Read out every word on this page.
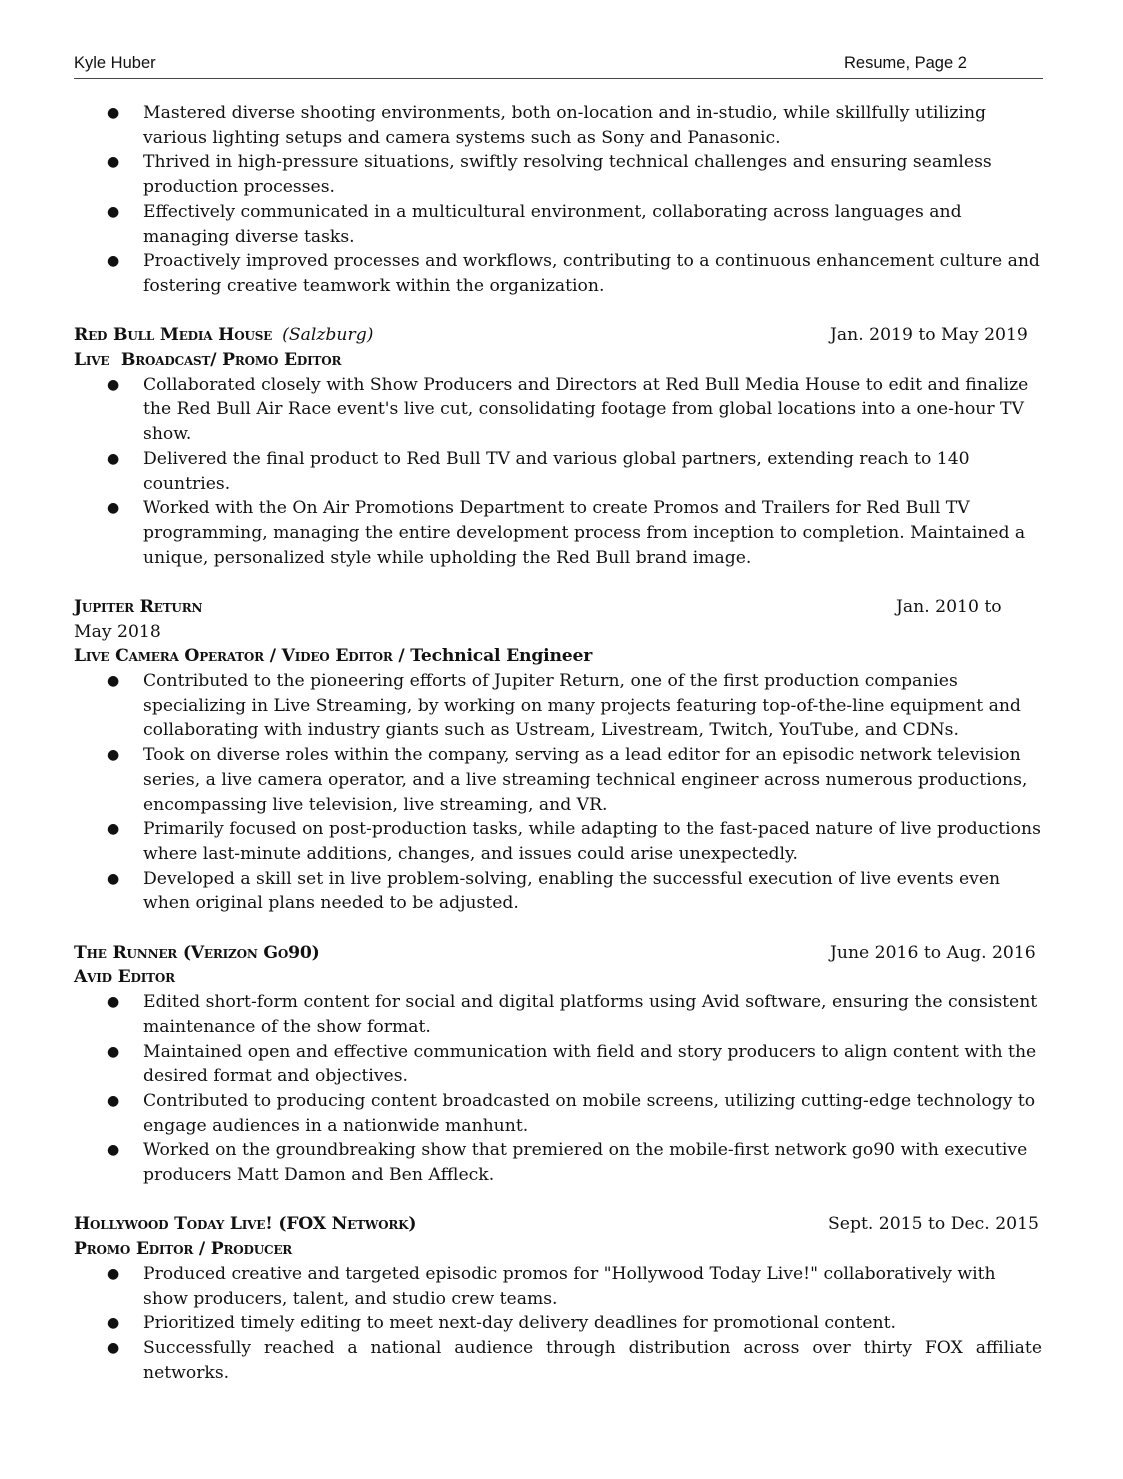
Kyle Huber	Resume, Page 2
● Mastered diverse shooting environments, both on-location and in-studio, while skillfully utilizing various lighting setups and camera systems such as Sony and Panasonic.
● Thrived in high-pressure situations, swiftly resolving technical challenges and ensuring seamless production processes.
● Effectively communicated in a multicultural environment, collaborating across languages and managing diverse tasks.
● Proactively improved processes and workflows, contributing to a continuous enhancement culture and fostering creative teamwork within the organization.
Red Bull Media House (Salzburg)	Jan. 2019 to May 2019
Live  Broadcast/ Promo Editor
● Collaborated closely with Show Producers and Directors at Red Bull Media House to edit and finalize the Red Bull Air Race event's live cut, consolidating footage from global locations into a one-hour TV show.
● Delivered the final product to Red Bull TV and various global partners, extending reach to 140 countries.
● Worked with the On Air Promotions Department to create Promos and Trailers for Red Bull TV programming, managing the entire development process from inception to completion. Maintained a unique, personalized style while upholding the Red Bull brand image.
Jupiter Return	Jan. 2010 to
May 2018
Live Camera Operator / Video Editor / Technical Engineer
● Contributed to the pioneering efforts of Jupiter Return, one of the first production companies specializing in Live Streaming, by working on many projects featuring top-of-the-line equipment and collaborating with industry giants such as Ustream, Livestream, Twitch, YouTube, and CDNs.
● Took on diverse roles within the company, serving as a lead editor for an episodic network television series, a live camera operator, and a live streaming technical engineer across numerous productions, encompassing live television, live streaming, and VR.
● Primarily focused on post-production tasks, while adapting to the fast-paced nature of live productions where last-minute additions, changes, and issues could arise unexpectedly.
● Developed a skill set in live problem-solving, enabling the successful execution of live events even when original plans needed to be adjusted.
The Runner (Verizon Go90)	June 2016 to Aug. 2016
Avid Editor
● Edited short-form content for social and digital platforms using Avid software, ensuring the consistent maintenance of the show format.
● Maintained open and effective communication with field and story producers to align content with the desired format and objectives.
● Contributed to producing content broadcasted on mobile screens, utilizing cutting-edge technology to engage audiences in a nationwide manhunt.
● Worked on the groundbreaking show that premiered on the mobile-first network go90 with executive producers Matt Damon and Ben Affleck.
Hollywood Today Live! (FOX Network)	Sept. 2015 to Dec. 2015
Promo Editor / Producer
● Produced creative and targeted episodic promos for "Hollywood Today Live!" collaboratively with show producers, talent, and studio crew teams.
● Prioritized timely editing to meet next-day delivery deadlines for promotional content.
● Successfully reached a national audience through distribution across over thirty FOX affiliate networks.
